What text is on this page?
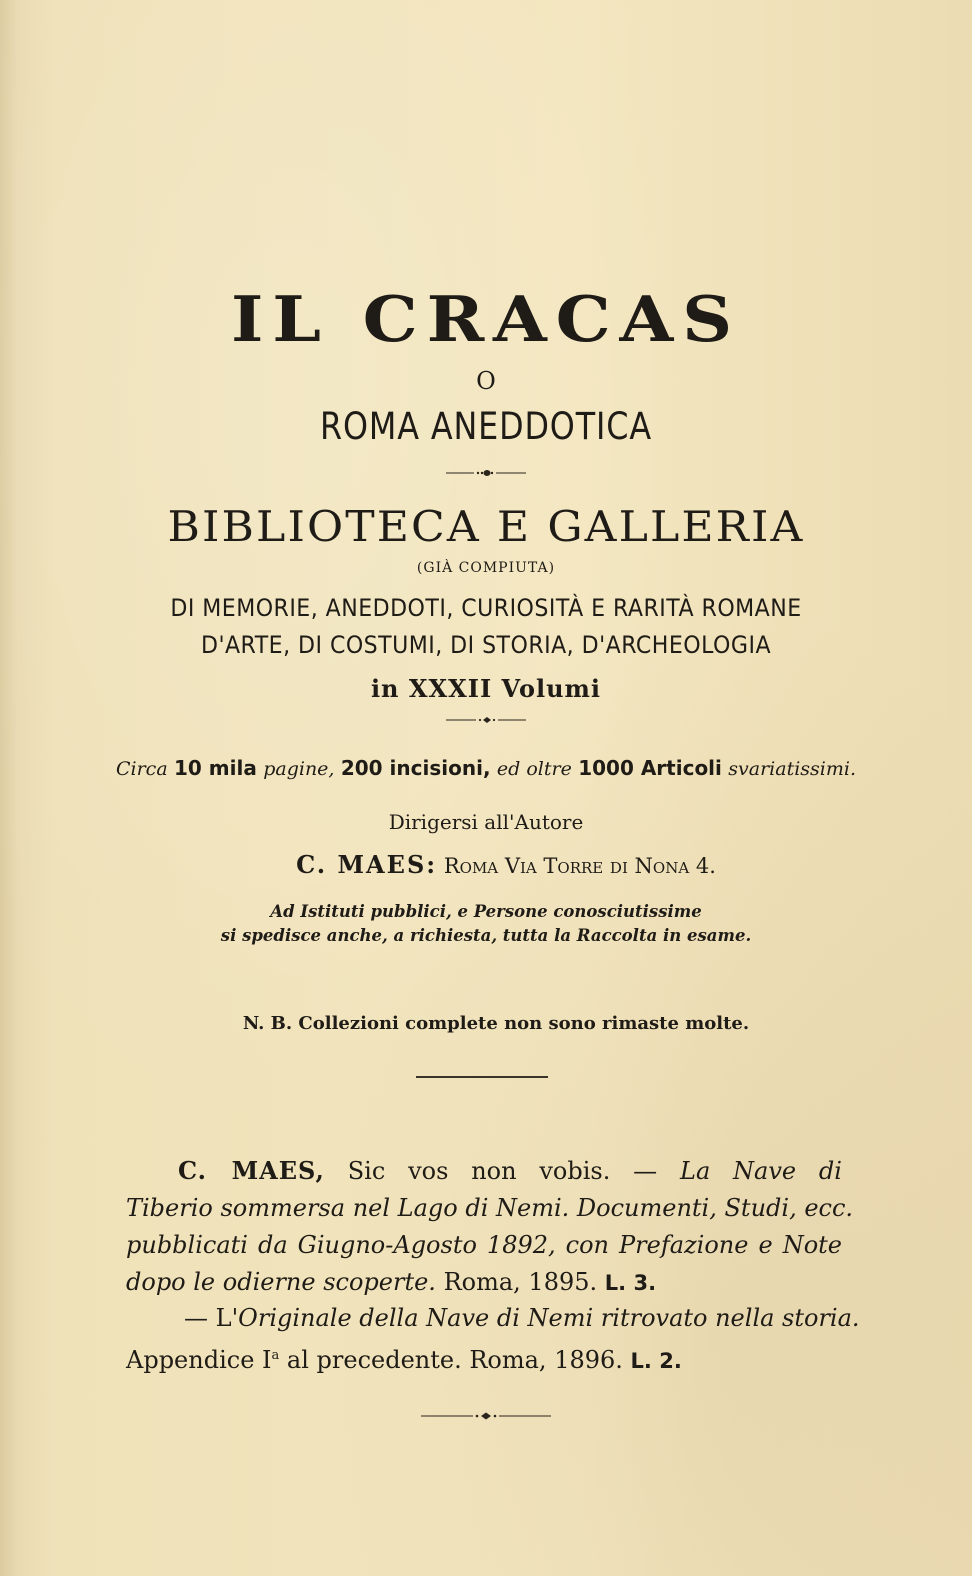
IL CRACAS
O
ROMA ANEDDOTICA
BIBLIOTECA E GALLERIA
(GIÀ COMPIUTA)
DI MEMORIE, ANEDDOTI, CURIOSITÀ E RARITÀ ROMANE
D'ARTE, DI COSTUMI, DI STORIA, D'ARCHEOLOGIA
in XXXII Volumi
Circa 10 mila pagine, 200 incisioni, ed oltre 1000 Articoli svariatissimi.
Dirigersi all'Autore
C. MAES: Roma Via Torre di Nona 4.
Ad Istituti pubblici, e Persone conosciutissime
si spedisce anche, a richiesta, tutta la Raccolta in esame.
N. B. Collezioni complete non sono rimaste molte.
C. MAES, Sic vos non vobis. — La Nave di
Tiberio sommersa nel Lago di Nemi. Documenti, Studi, ecc.
pubblicati da Giugno-Agosto 1892, con Prefazione e Note
dopo le odierne scoperte. Roma, 1895. L. 3.
— L'Originale della Nave di Nemi ritrovato nella storia.
Appendice $I^a$ al precedente. Roma, 1896. L. 2.
